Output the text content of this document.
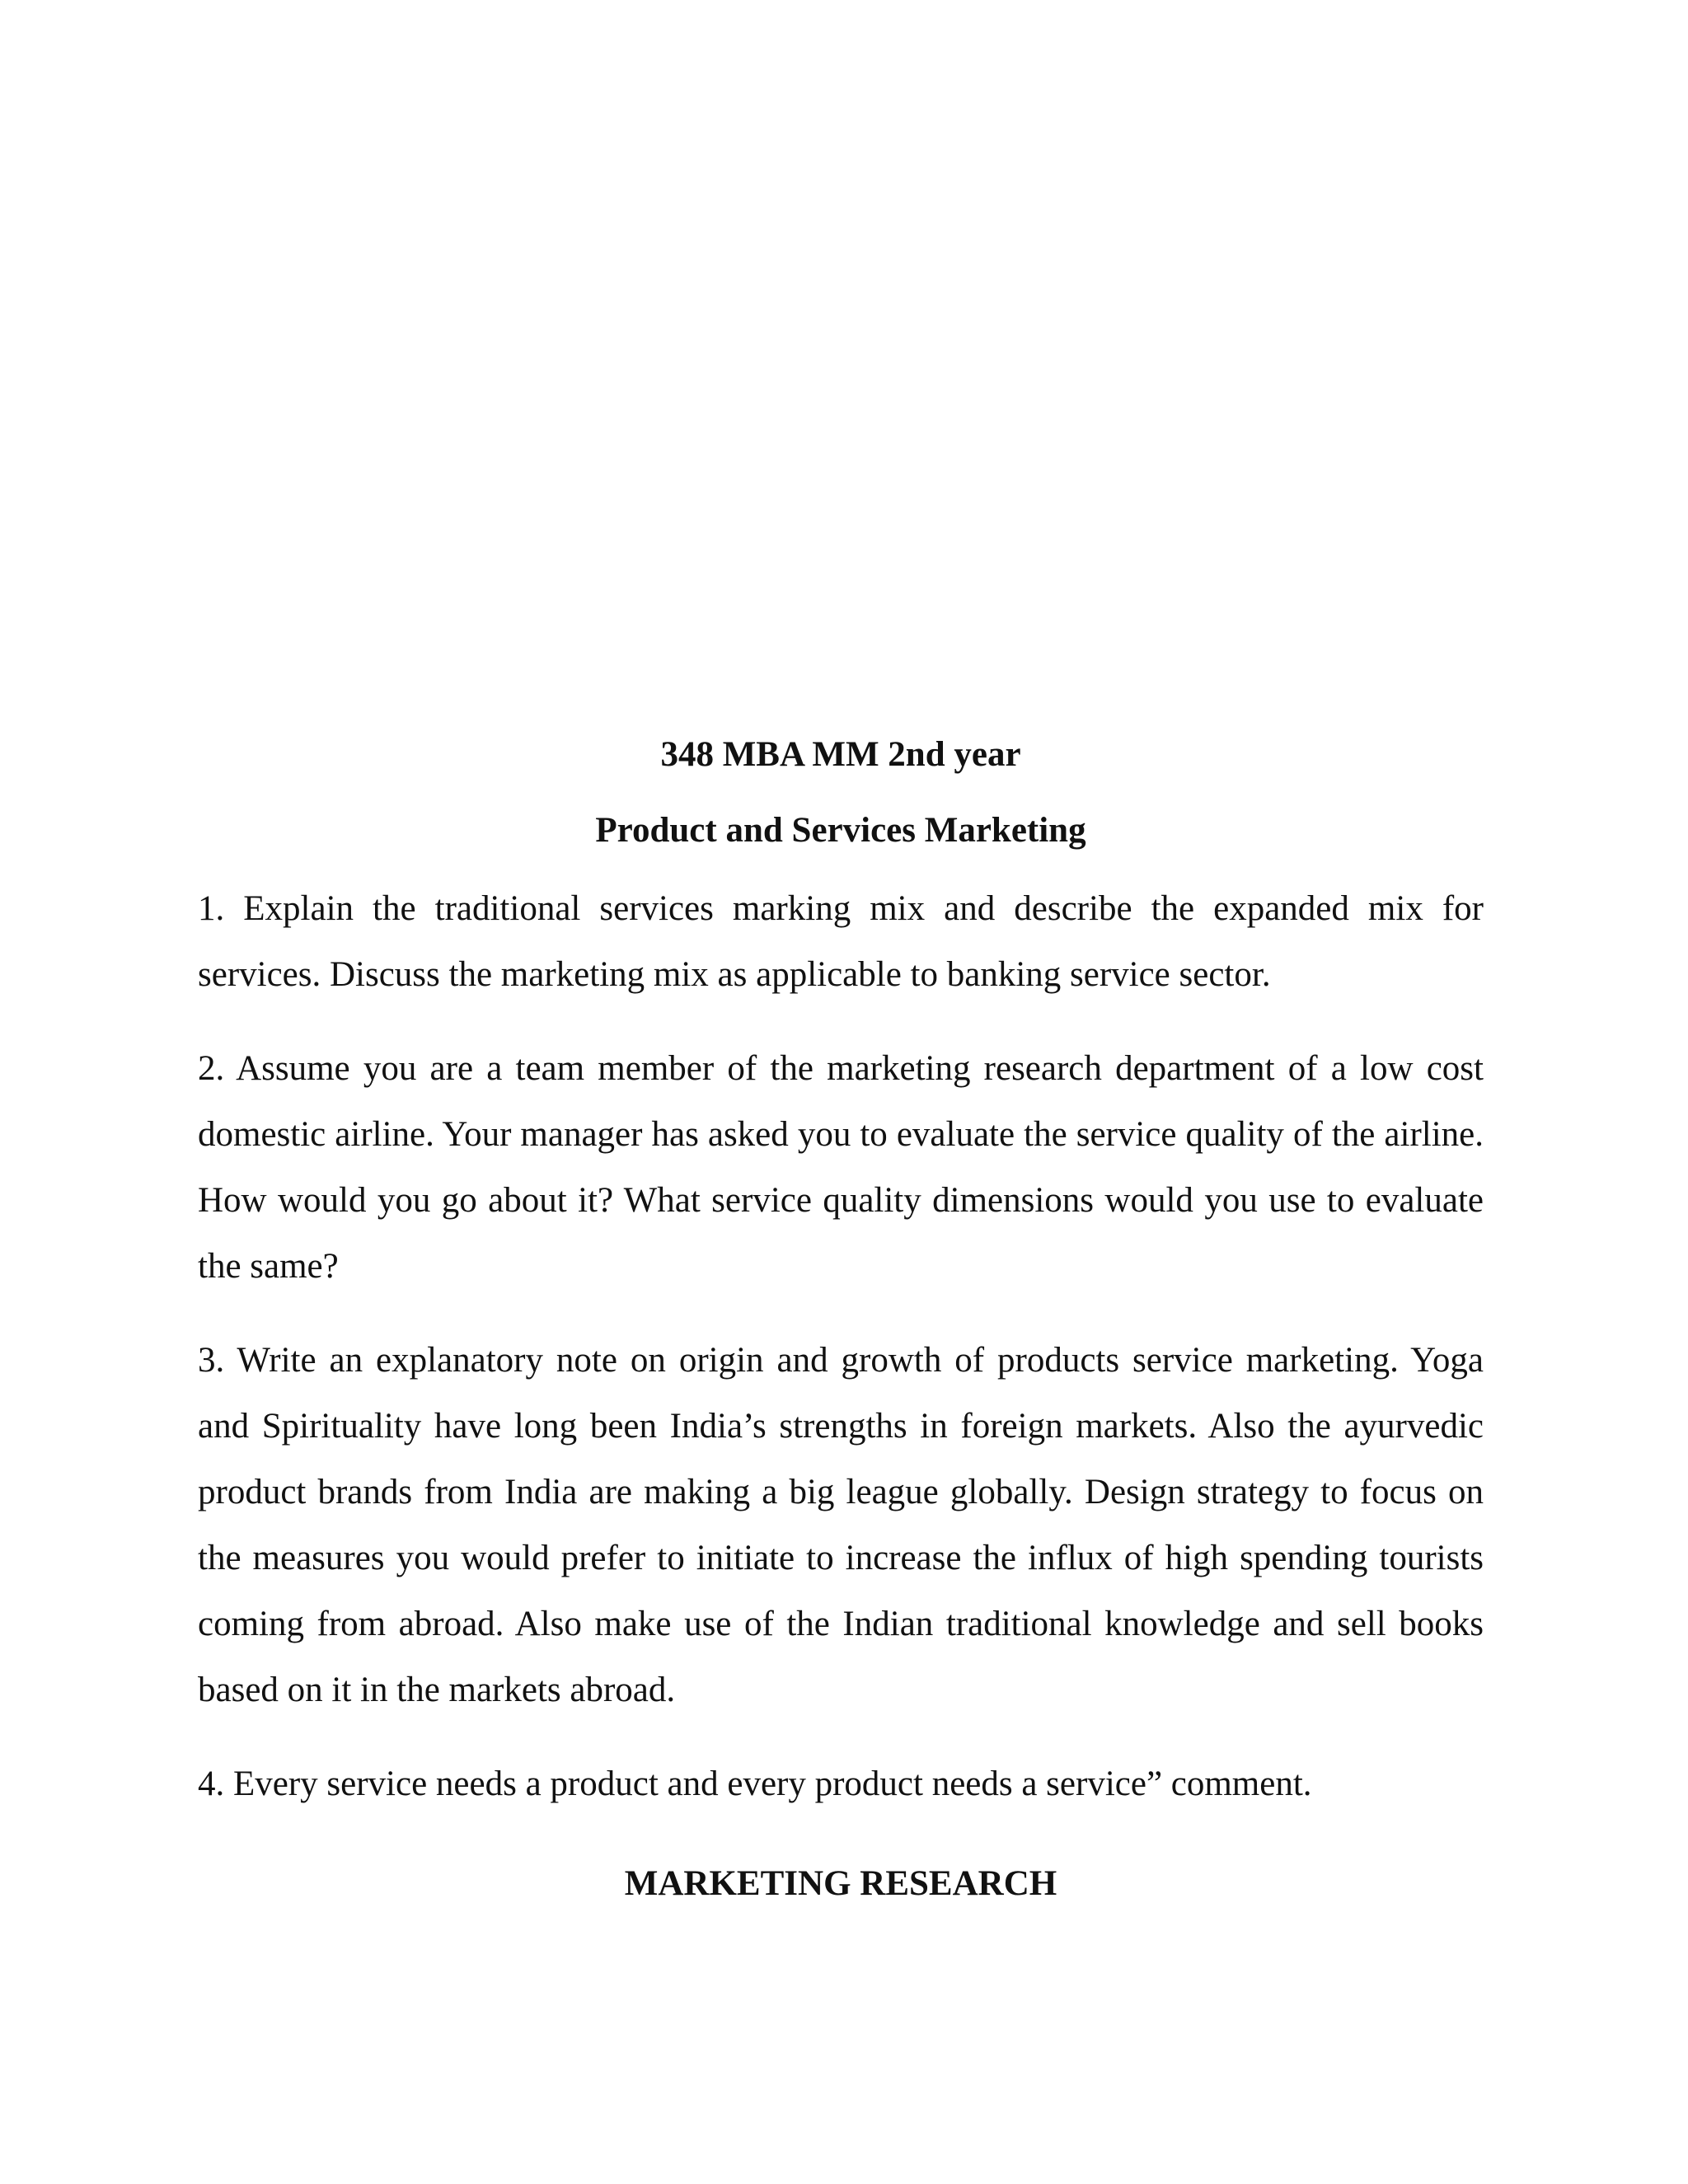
348 MBA MM 2nd year
Product and Services Marketing

1. Explain the traditional services marking mix and describe the expanded mix for services. Discuss the marketing mix as applicable to banking service sector.

2. Assume you are a team member of the marketing research department of a low cost domestic airline. Your manager has asked you to evaluate the service quality of the airline. How would you go about it? What service quality dimensions would you use to evaluate the same?

3. Write an explanatory note on origin and growth of products service marketing. Yoga and Spirituality have long been India’s strengths in foreign markets. Also the ayurvedic product brands from India are making a big league globally. Design strategy to focus on the measures you would prefer to initiate to increase the influx of high spending tourists coming from abroad. Also make use of the Indian traditional knowledge and sell books based on it in the markets abroad.

4. Every service needs a product and every product needs a service” comment.

MARKETING RESEARCH
